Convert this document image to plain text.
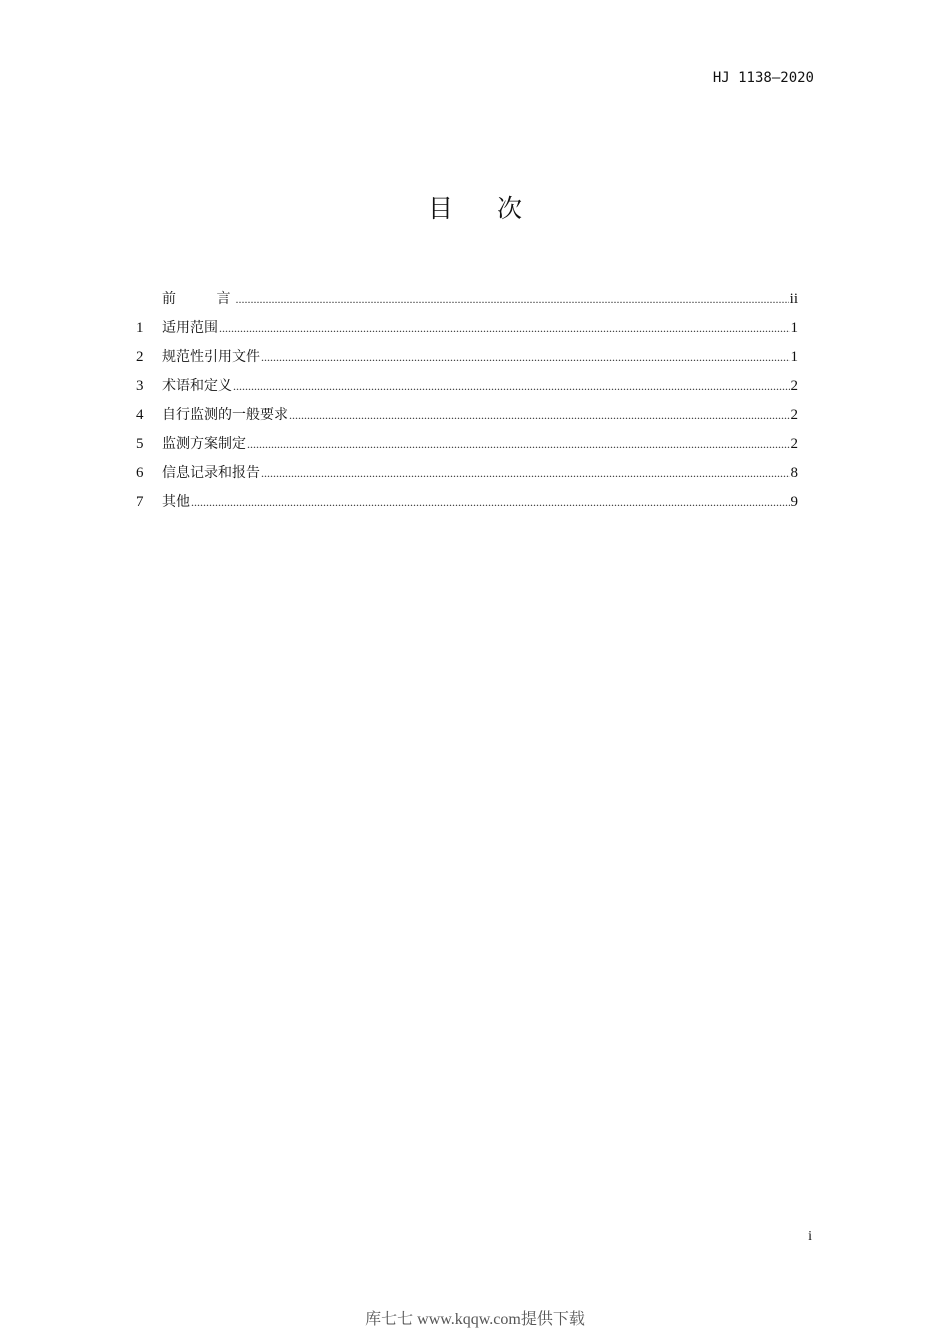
HJ 1138—2020
目 次
前 言 .....	ii
1	适用范围 .....	1
2	规范性引用文件 .....	1
3	术语和定义 .....	2
4	自行监测的一般要求 .....	2
5	监测方案制定 .....	2
6	信息记录和报告 .....	8
7	其他 .....	9
i
库七七 www.kqqw.com提供下载
